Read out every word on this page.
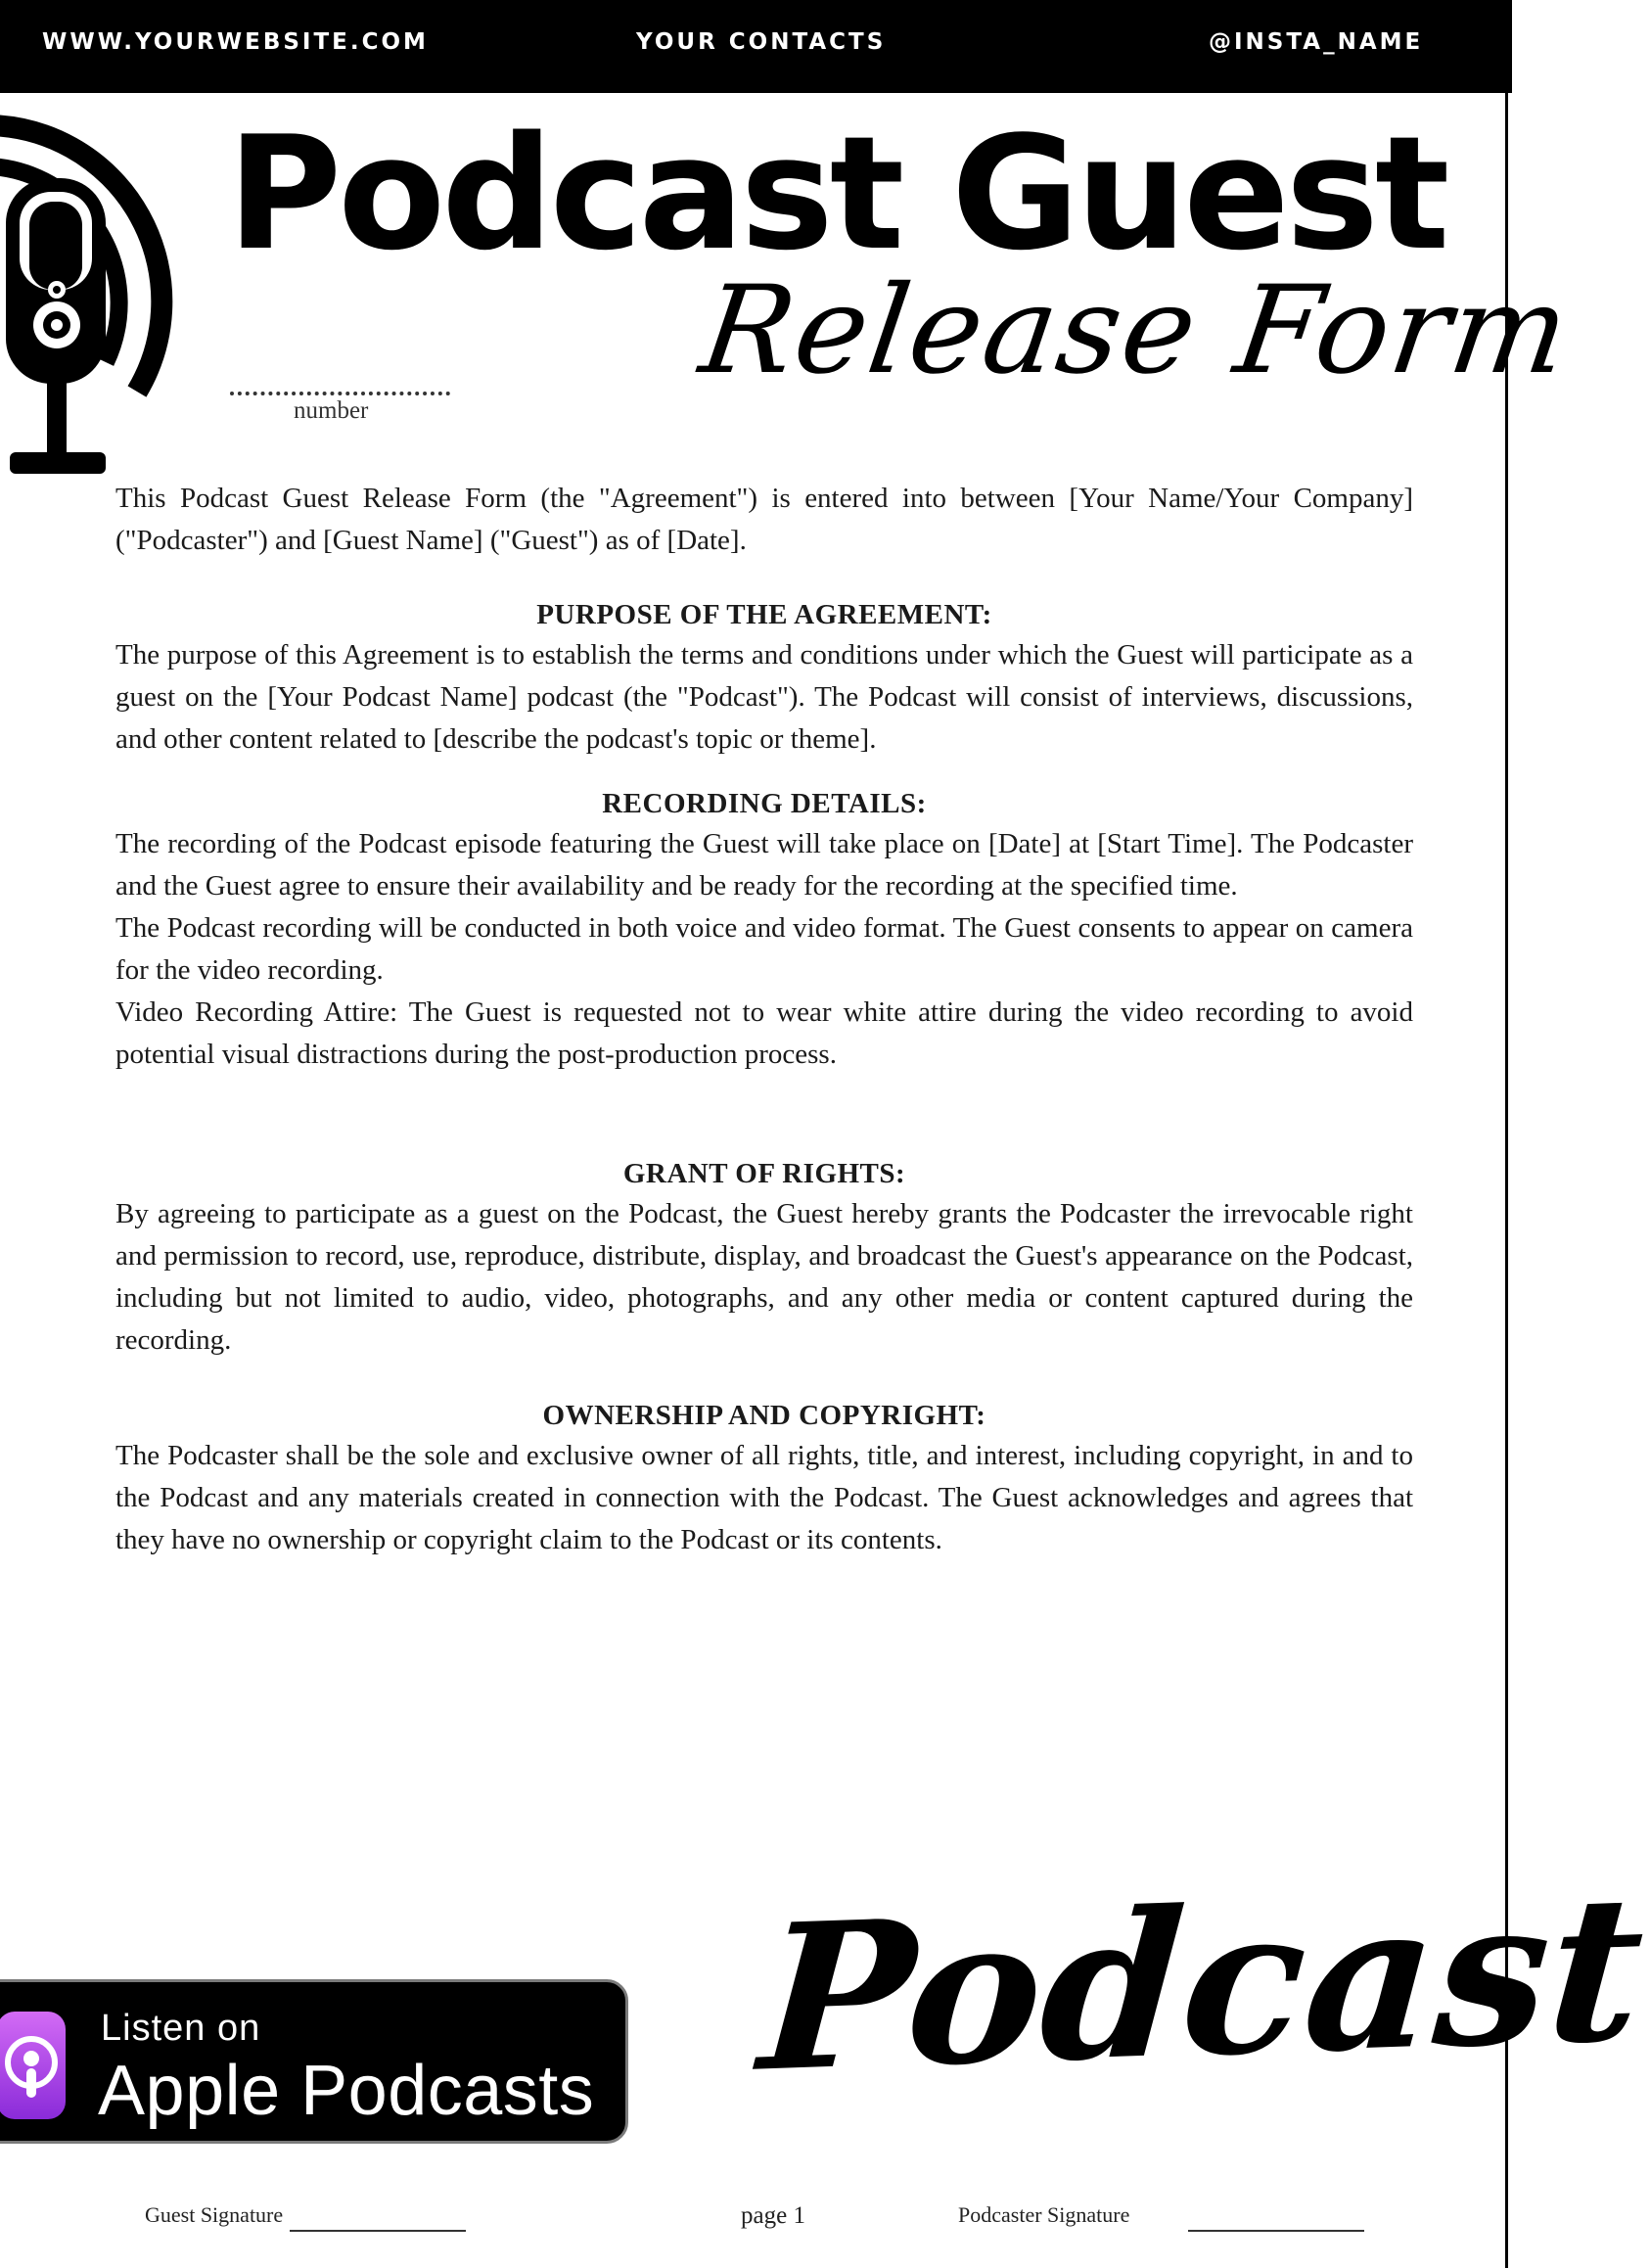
WWW.YOURWEBSITE.COM	YOUR CONTACTS	@INSTA_NAME
Podcast Guest
Release Form
number
This Podcast Guest Release Form (the "Agreement") is entered into between [Your Name/Your Company] ("Podcaster") and [Guest Name] ("Guest") as of [Date].
PURPOSE OF THE AGREEMENT:

The purpose of this Agreement is to establish the terms and conditions under which the Guest will participate as a guest on the [Your Podcast Name] podcast (the "Podcast"). The Podcast will consist of interviews, discussions, and other content related to [describe the podcast's topic or theme].

RECORDING DETAILS:

The recording of the Podcast episode featuring the Guest will take place on [Date] at [Start Time]. The Podcaster and the Guest agree to ensure their availability and be ready for the recording at the specified time.

The Podcast recording will be conducted in both voice and video format. The Guest consents to appear on camera for the video recording.

Video Recording Attire: The Guest is requested not to wear white attire during the video recording to avoid potential visual distractions during the post-production process.

GRANT OF RIGHTS:

By agreeing to participate as a guest on the Podcast, the Guest hereby grants the Podcaster the irrevocable right and permission to record, use, reproduce, distribute, display, and broadcast the Guest's appearance on the Podcast, including but not limited to audio, video, photographs, and any other media or content captured during the recording.

OWNERSHIP AND COPYRIGHT:

The Podcaster shall be the sole and exclusive owner of all rights, title, and interest, including copyright, in and to the Podcast and any materials created in connection with the Podcast. The Guest acknowledges and agrees that they have no ownership or copyright claim to the Podcast or its contents.

Listen on
Apple Podcasts Podcast
Guest Signature	page 1	Podcaster Signature
